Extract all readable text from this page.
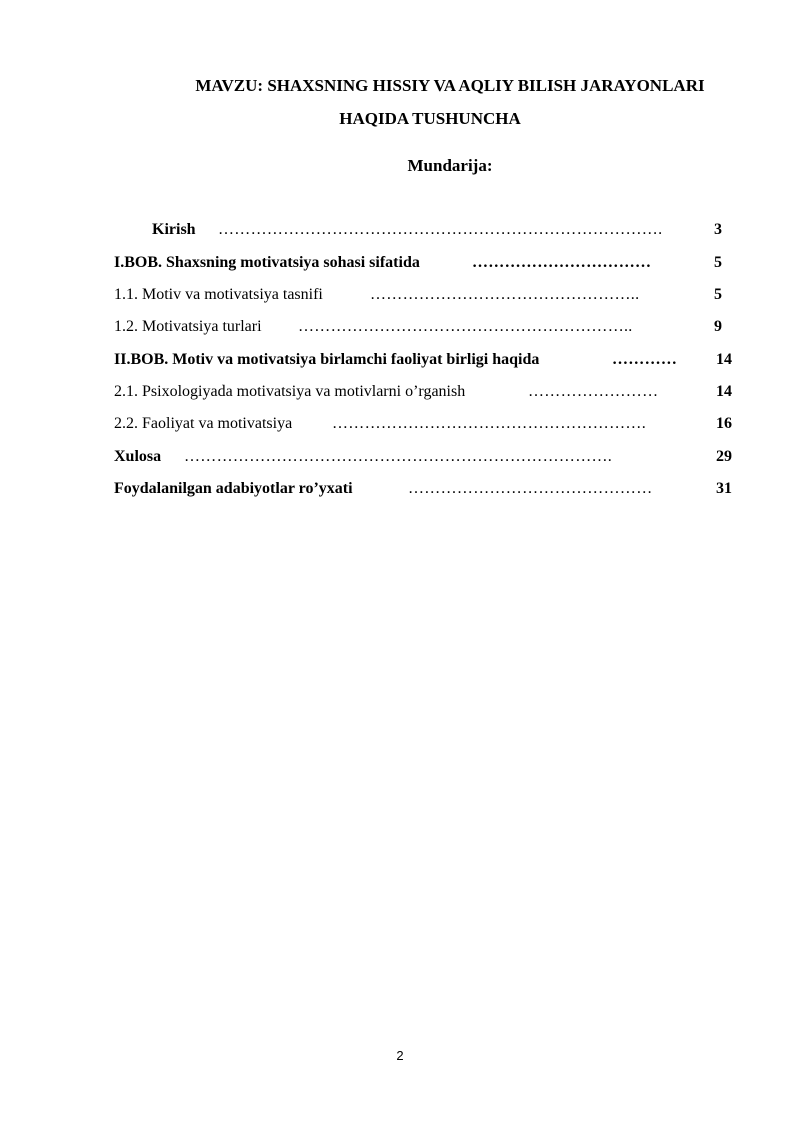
MAVZU: SHAXSNING HISSIY VA AQLIY BILISH JARAYONLARI
HAQIDA TUSHUNCHA
Mundarija:
Kirish ……………………………………………………………………….	3
I.BOB. Shaxsning motivatsiya sohasi sifatida	……………………………	5
1.1. Motiv va motivatsiya tasnifi	…………………………………………..	5
1.2. Motivatsiya turlari ……………………………………………………..	9
II.BOB. Motiv va motivatsiya birlamchi faoliyat birligi haqida	…………	14
2.1. Psixologiyada motivatsiya va motivlarni o’rganish	……………………	14
2.2. Faoliyat va motivatsiya ………………………………………………….	16
Xulosa …………………………………………………………………….	29
Foydalanilgan adabiyotlar ro’yxati	………………………………………	31
2
